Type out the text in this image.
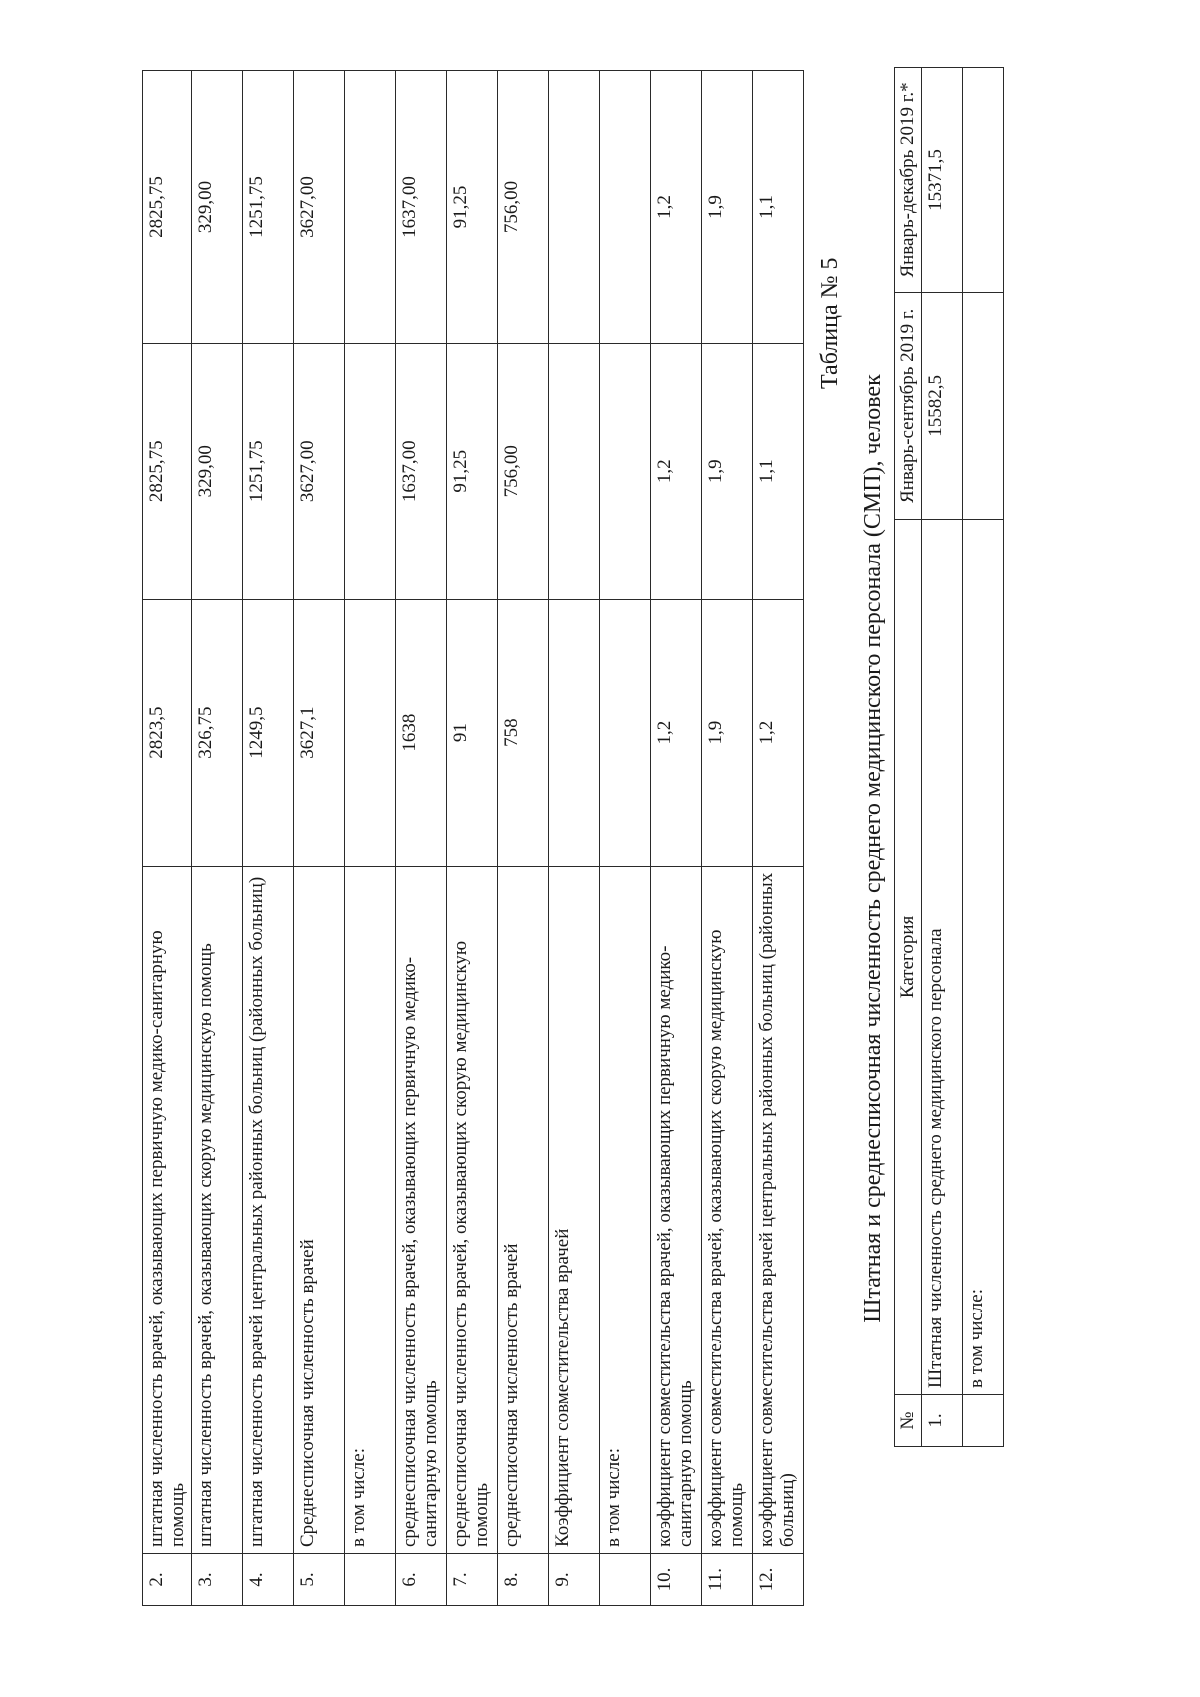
2.	штатная численность врачей, оказывающих первичную медико-санитарную помощь	2823,5	2825,75	2825,75
3.	штатная численность врачей, оказывающих скорую медицинскую помощь	326,75	329,00	329,00
4.	штатная численность врачей центральных районных больниц (районных больниц)	1249,5	1251,75	1251,75
5.	Среднесписочная численность врачей	3627,1	3627,00	3627,00
	в том числе:			
6.	среднесписочная численность врачей, оказывающих первичную медико-санитарную помощь	1638	1637,00	1637,00
7.	среднесписочная численность врачей, оказывающих скорую медицинскую помощь	91	91,25	91,25
8.	среднесписочная численность врачей	758	756,00	756,00
9.	Коэффициент совместительства врачей			
	в том числе:			
10.	коэффициент совместительства врачей, оказывающих первичную медико-санитарную помощь	1,2	1,2	1,2
11.	коэффициент совместительства врачей, оказывающих скорую медицинскую помощь	1,9	1,9	1,9
12.	коэффициент совместительства врачей центральных районных больниц (районных больниц)	1,2	1,1	1,1
Таблица № 5
Штатная и среднесписочная численность среднего медицинского персонала (СМП), человек
№	Категория	Январь-сентябрь 2019 г.	Январь-декабрь 2019 г.*
1.	Штатная численность среднего медицинского персонала	15582,5	15371,5
	в том числе:		
